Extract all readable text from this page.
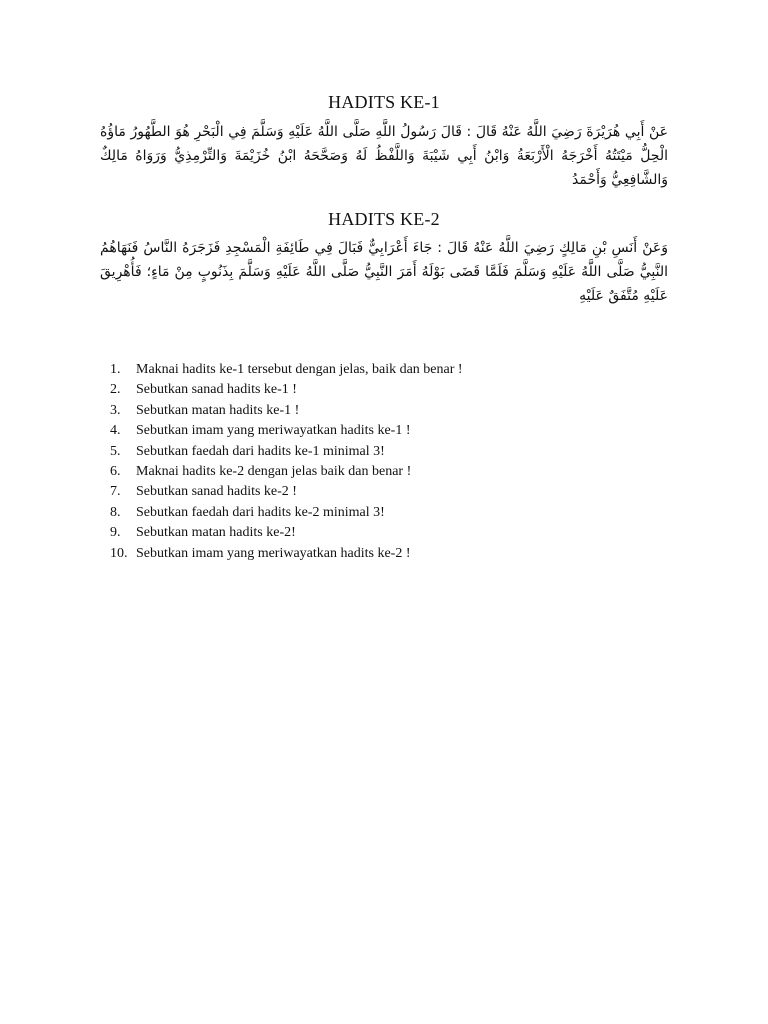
HADITS KE-1
عَنْ أَبِي هُرَيْرَةَ رَضِيَ اللَّهُ عَنْهُ قَالَ : قَالَ رَسُولُ اللَّهِ صَلَّى اللَّهُ عَلَيْهِ وَسَلَّمَ فِي الْبَحْرِ هُوَ الطَّهُورُ مَاؤُهُ الْحِلُّ مَيْتَتُهُ أَخْرَجَهُ الْأَرْبَعَةُ وَابْنُ أَبِي شَيْبَةَ وَاللَّفْظُ لَهُ وَصَحَّحَهُ ابْنُ خُزَيْمَةَ وَالتِّرْمِذِيُّ وَرَوَاهُ مَالِكٌ وَالشَّافِعِيُّ وَأَحْمَدُ
HADITS KE-2
وَعَنْ أَنَسِ بْنِ مَالِكٍ رَضِيَ اللَّهُ عَنْهُ قَالَ : جَاءَ أَعْرَابِيٌّ فَبَالَ فِي طَائِفَةِ الْمَسْجِدِ فَزَجَرَهُ النَّاسُ فَنَهَاهُمُ النَّبِيُّ صَلَّى اللَّهُ عَلَيْهِ وَسَلَّمَ فَلَمَّا قَضَى بَوْلَهُ أَمَرَ النَّبِيُّ صَلَّى اللَّهُ عَلَيْهِ وَسَلَّمَ بِذَنُوبٍ مِنْ مَاءٍ؛ فَأُهْرِيقَ عَلَيْهِ مُتَّفَقٌ عَلَيْهِ
1.	Maknai hadits ke-1 tersebut dengan jelas, baik dan benar !
2.	Sebutkan sanad hadits ke-1 !
3.	Sebutkan matan hadits ke-1 !
4.	Sebutkan imam yang meriwayatkan hadits ke-1 !
5.	Sebutkan faedah dari hadits ke-1 minimal 3!
6.	Maknai hadits ke-2 dengan jelas baik dan benar !
7.	Sebutkan sanad hadits ke-2 !
8.	Sebutkan faedah dari hadits ke-2 minimal 3!
9.	Sebutkan matan hadits ke-2!
10. Sebutkan imam yang meriwayatkan hadits ke-2 !
